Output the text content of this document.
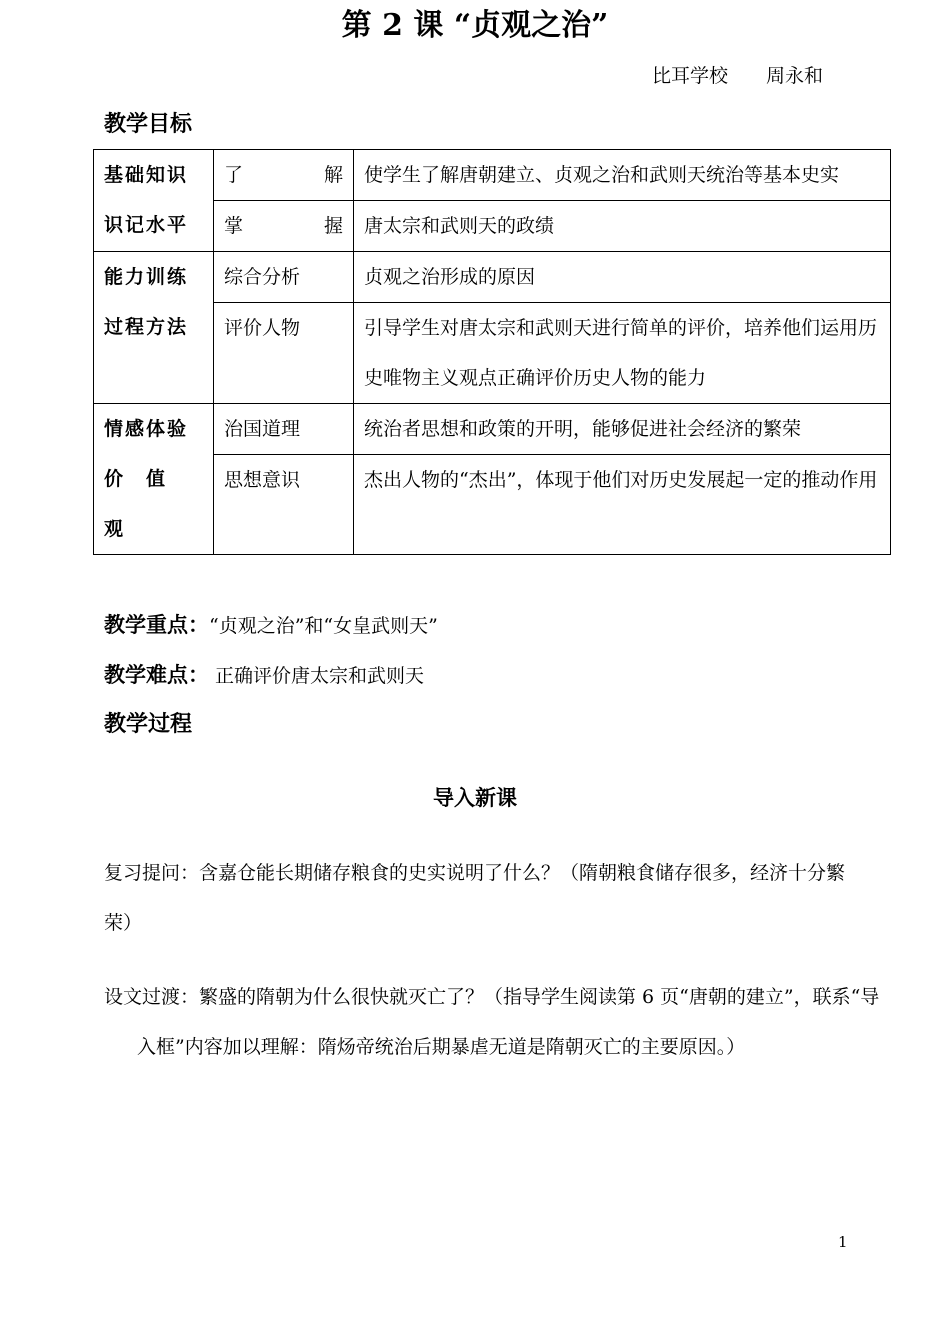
第 2 课 “贞观之治”
比耳学校　　周永和
教学目标
基础知识识记水平	了　　解	使学生了解唐朝建立、贞观之治和武则天统治等基本史实
	掌　　握	唐太宗和武则天的政绩
能力训练过程方法	综合分析	贞观之治形成的原因
	评价人物	引导学生对唐太宗和武则天进行简单的评价，培养他们运用历史唯物主义观点正确评价历史人物的能力
情感体验价　值　观	治国道理	统治者思想和政策的开明，能够促进社会经济的繁荣
	思想意识	杰出人物的“杰出”，体现于他们对历史发展起一定的推动作用
教学重点：“贞观之治”和“女皇武则天”
教学难点： 正确评价唐太宗和武则天
教学过程
导入新课
复习提问：含嘉仓能长期储存粮食的史实说明了什么？（隋朝粮食储存很多，经济十分繁荣）
设文过渡：繁盛的隋朝为什么很快就灭亡了？（指导学生阅读第 6 页“唐朝的建立”，联系“导入框”内容加以理解：隋炀帝统治后期暴虐无道是隋朝灭亡的主要原因。）
1
